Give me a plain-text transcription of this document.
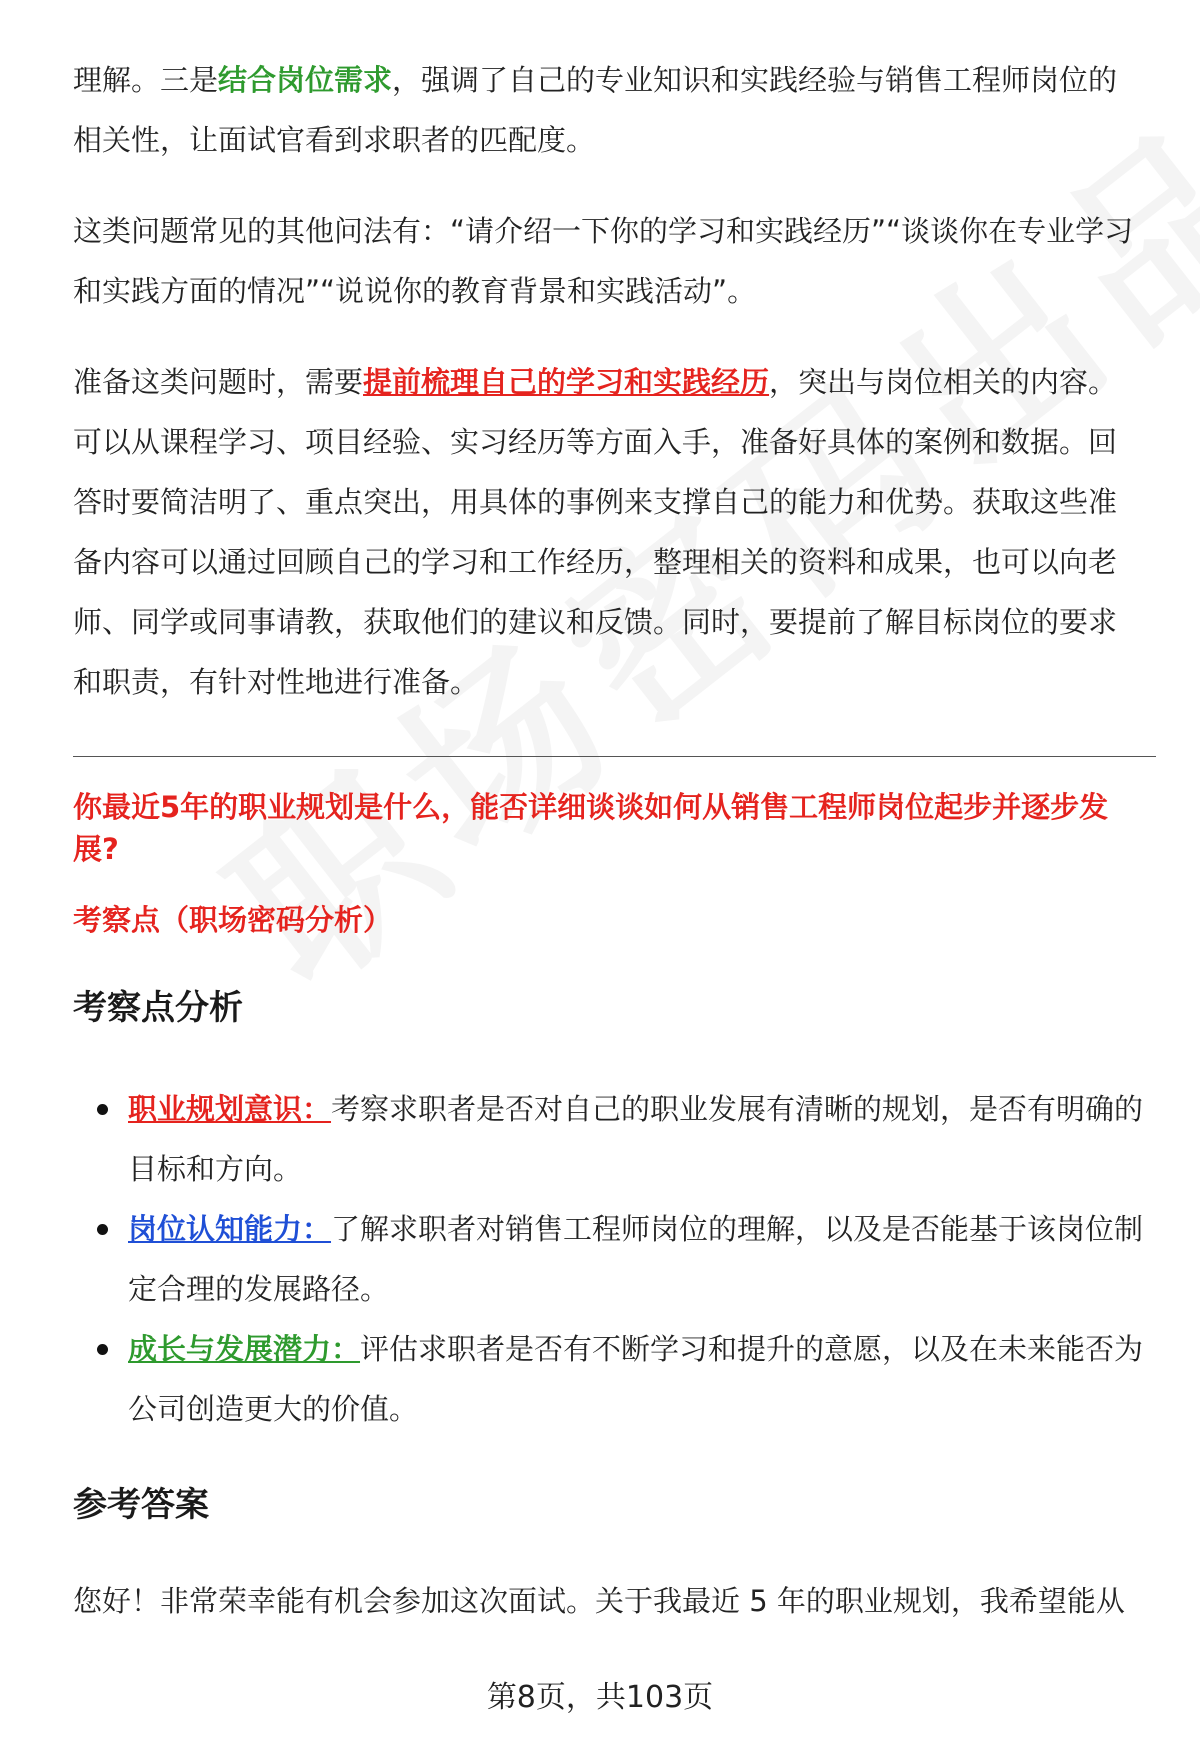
理解。三是结合岗位需求，强调了自己的专业知识和实践经验与销售工程师岗位的相关性，让面试官看到求职者的匹配度。

这类问题常见的其他问法有：“请介绍一下你的学习和实践经历”“谈谈你在专业学习和实践方面的情况”“说说你的教育背景和实践活动”。

准备这类问题时，需要提前梳理自己的学习和实践经历，突出与岗位相关的内容。可以从课程学习、项目经验、实习经历等方面入手，准备好具体的案例和数据。回答时要简洁明了、重点突出，用具体的事例来支撑自己的能力和优势。获取这些准备内容可以通过回顾自己的学习和工作经历，整理相关的资料和成果，也可以向老师、同学或同事请教，获取他们的建议和反馈。同时，要提前了解目标岗位的要求和职责，有针对性地进行准备。

你最近5年的职业规划是什么，能否详细谈谈如何从销售工程师岗位起步并逐步发展?

考察点（职场密码分析）
考察点分析
职业规划意识：考察求职者是否对自己的职业发展有清晰的规划，是否有明确的目标和方向。
岗位认知能力：了解求职者对销售工程师岗位的理解，以及是否能基于该岗位制定合理的发展路径。
成长与发展潜力：评估求职者是否有不断学习和提升的意愿，以及在未来能否为公司创造更大的价值。
参考答案

您好！非常荣幸能有机会参加这次面试。关于我最近 5 年的职业规划，我希望能从

第8页，共103页
